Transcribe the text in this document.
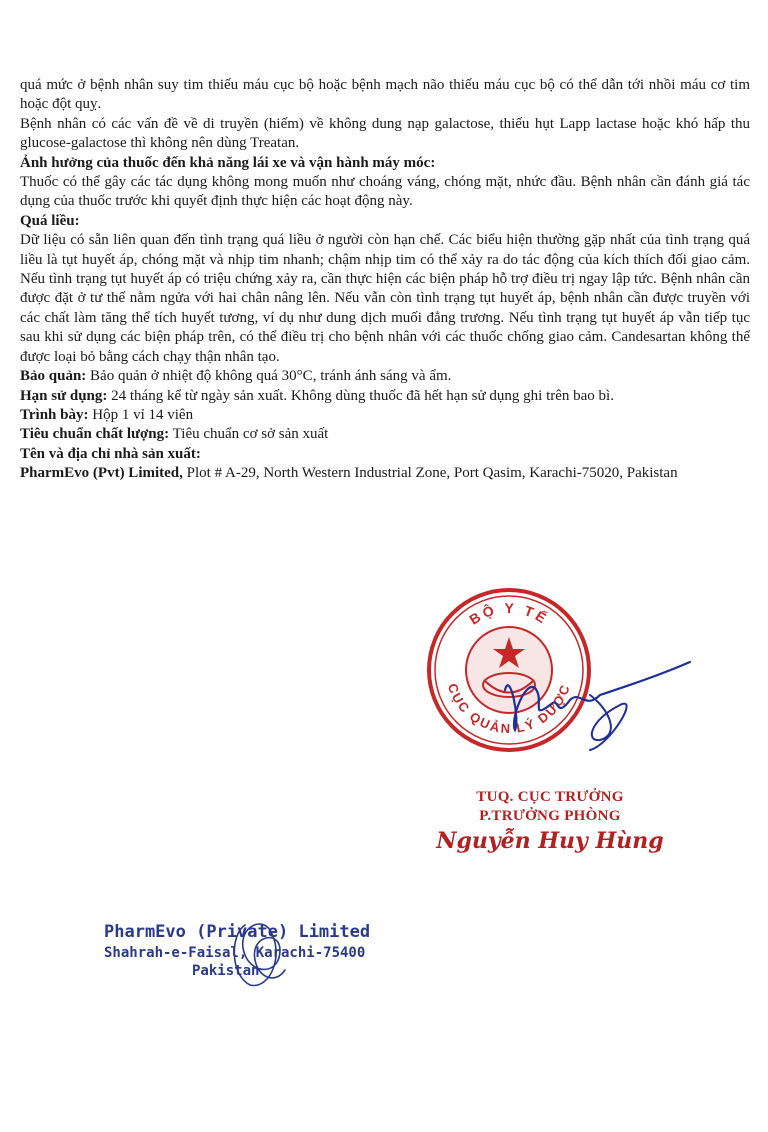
quá mức ở bệnh nhân suy tim thiếu máu cục bộ hoặc bệnh mạch não thiếu máu cục bộ có thể dẫn tới nhồi máu cơ tim hoặc đột quỵ.

Bệnh nhân có các vấn đề về di truyền (hiếm) về không dung nạp galactose, thiếu hụt Lapp lactase hoặc khó hấp thu glucose-galactose thì không nên dùng Treatan.

Ảnh hưởng của thuốc đến khả năng lái xe và vận hành máy móc:

Thuốc có thể gây các tác dụng không mong muốn như choáng váng, chóng mặt, nhức đầu. Bệnh nhân cần đánh giá tác dụng của thuốc trước khi quyết định thực hiện các hoạt động này.

Quá liều:

Dữ liệu có sẵn liên quan đến tình trạng quá liều ở người còn hạn chế. Các biểu hiện thường gặp nhất của tình trạng quá liều là tụt huyết áp, chóng mặt và nhịp tim nhanh; chậm nhịp tim có thể xảy ra do tác động của kích thích đối giao cảm. Nếu tình trạng tụt huyết áp có triệu chứng xảy ra, cần thực hiện các biện pháp hỗ trợ điều trị ngay lập tức. Bệnh nhân cần được đặt ở tư thế nằm ngửa với hai chân nâng lên. Nếu vẫn còn tình trạng tụt huyết áp, bệnh nhân cần được truyền với các chất làm tăng thể tích huyết tương, ví dụ như dung dịch muối đẳng trương. Nếu tình trạng tụt huyết áp vẫn tiếp tục sau khi sử dụng các biện pháp trên, có thể điều trị cho bệnh nhân với các thuốc chống giao cảm. Candesartan không thể được loại bỏ bằng cách chạy thận nhân tạo.

Bảo quản: Bảo quản ở nhiệt độ không quá 30°C, tránh ánh sáng và ẩm.

Hạn sử dụng: 24 tháng kể từ ngày sản xuất. Không dùng thuốc đã hết hạn sử dụng ghi trên bao bì.

Trình bày: Hộp 1 vỉ 14 viên

Tiêu chuẩn chất lượng: Tiêu chuẩn cơ sở sản xuất

Tên và địa chỉ nhà sản xuất:

PharmEvo (Pvt) Limited, Plot # A-29, North Western Industrial Zone, Port Qasim, Karachi-75020, Pakistan

BỘ Y TẾ
CỤC QUẢN LÝ DƯỢC
TUQ. CỤC TRƯỞNG
P.TRƯỞNG PHÒNG
Nguyễn Huy Hùng
PharmEvo (Private) Limited
Shahrah-e-Faisal, Karachi-75400
Pakistan
